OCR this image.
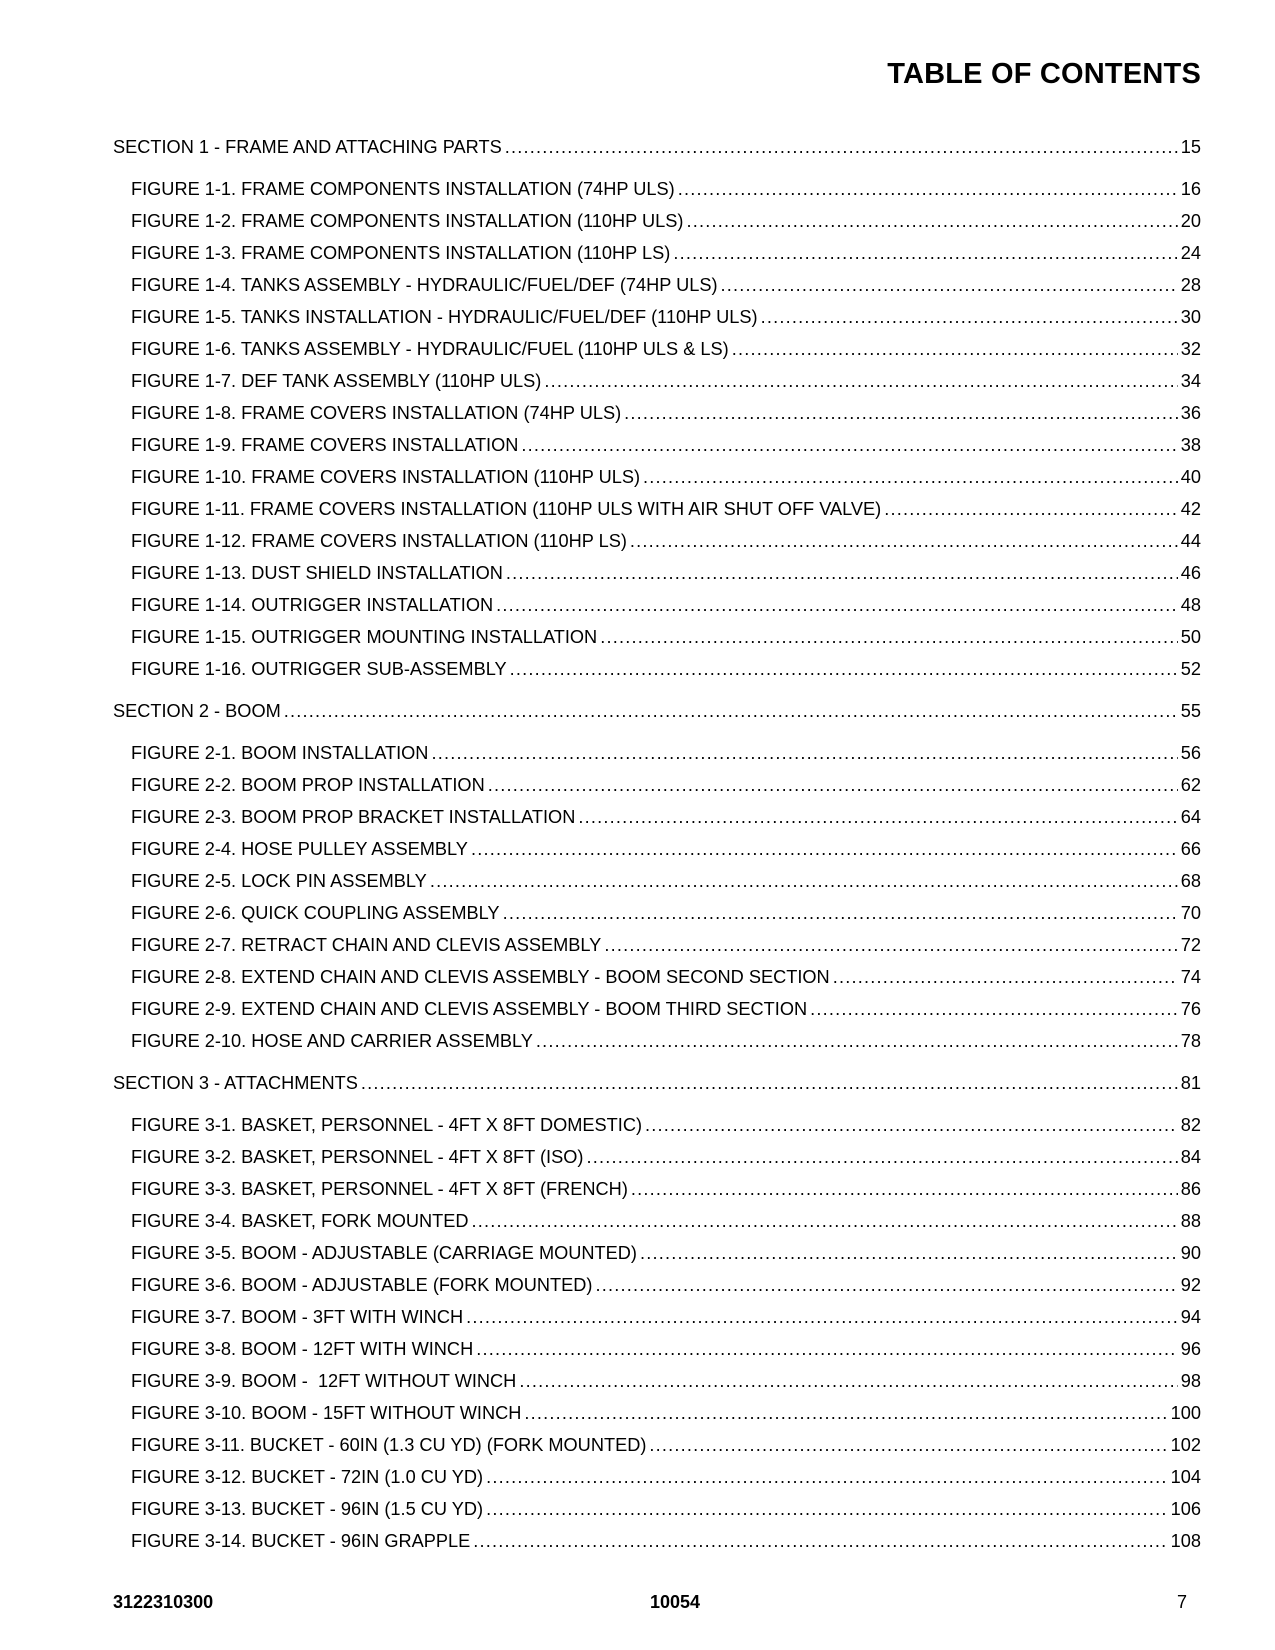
TABLE OF CONTENTS
SECTION 1 - FRAME AND ATTACHING PARTS .....	15
FIGURE 1-1. FRAME COMPONENTS INSTALLATION (74HP ULS) .....	16
FIGURE 1-2. FRAME COMPONENTS INSTALLATION (110HP ULS) .....	20
FIGURE 1-3. FRAME COMPONENTS INSTALLATION (110HP LS) .....	24
FIGURE 1-4. TANKS ASSEMBLY - HYDRAULIC/FUEL/DEF (74HP ULS) .....	28
FIGURE 1-5. TANKS INSTALLATION - HYDRAULIC/FUEL/DEF (110HP ULS) .....	30
FIGURE 1-6. TANKS ASSEMBLY - HYDRAULIC/FUEL (110HP ULS & LS) .....	32
FIGURE 1-7. DEF TANK ASSEMBLY (110HP ULS) .....	34
FIGURE 1-8. FRAME COVERS INSTALLATION (74HP ULS) .....	36
FIGURE 1-9. FRAME COVERS INSTALLATION .....	38
FIGURE 1-10. FRAME COVERS INSTALLATION (110HP ULS) .....	40
FIGURE 1-11. FRAME COVERS INSTALLATION (110HP ULS WITH AIR SHUT OFF VALVE) .....	42
FIGURE 1-12. FRAME COVERS INSTALLATION (110HP LS) .....	44
FIGURE 1-13. DUST SHIELD INSTALLATION .....	46
FIGURE 1-14. OUTRIGGER INSTALLATION .....	48
FIGURE 1-15. OUTRIGGER MOUNTING INSTALLATION .....	50
FIGURE 1-16. OUTRIGGER SUB-ASSEMBLY .....	52
SECTION 2 - BOOM .....	55
FIGURE 2-1. BOOM INSTALLATION .....	56
FIGURE 2-2. BOOM PROP INSTALLATION .....	62
FIGURE 2-3. BOOM PROP BRACKET INSTALLATION .....	64
FIGURE 2-4. HOSE PULLEY ASSEMBLY .....	66
FIGURE 2-5. LOCK PIN ASSEMBLY .....	68
FIGURE 2-6. QUICK COUPLING ASSEMBLY .....	70
FIGURE 2-7. RETRACT CHAIN AND CLEVIS ASSEMBLY .....	72
FIGURE 2-8. EXTEND CHAIN AND CLEVIS ASSEMBLY - BOOM SECOND SECTION .....	74
FIGURE 2-9. EXTEND CHAIN AND CLEVIS ASSEMBLY - BOOM THIRD SECTION .....	76
FIGURE 2-10. HOSE AND CARRIER ASSEMBLY .....	78
SECTION 3 - ATTACHMENTS .....	81
FIGURE 3-1. BASKET, PERSONNEL - 4FT X 8FT DOMESTIC) .....	82
FIGURE 3-2. BASKET, PERSONNEL - 4FT X 8FT (ISO) .....	84
FIGURE 3-3. BASKET, PERSONNEL - 4FT X 8FT (FRENCH) .....	86
FIGURE 3-4. BASKET, FORK MOUNTED .....	88
FIGURE 3-5. BOOM - ADJUSTABLE (CARRIAGE MOUNTED) .....	90
FIGURE 3-6. BOOM - ADJUSTABLE (FORK MOUNTED) .....	92
FIGURE 3-7. BOOM - 3FT WITH WINCH .....	94
FIGURE 3-8. BOOM - 12FT WITH WINCH .....	96
FIGURE 3-9. BOOM -  12FT WITHOUT WINCH .....	98
FIGURE 3-10. BOOM - 15FT WITHOUT WINCH .....	100
FIGURE 3-11. BUCKET - 60IN (1.3 CU YD) (FORK MOUNTED) .....	102
FIGURE 3-12. BUCKET - 72IN (1.0 CU YD) .....	104
FIGURE 3-13. BUCKET - 96IN (1.5 CU YD) .....	106
FIGURE 3-14. BUCKET - 96IN GRAPPLE .....	108
3122310300	10054	7
